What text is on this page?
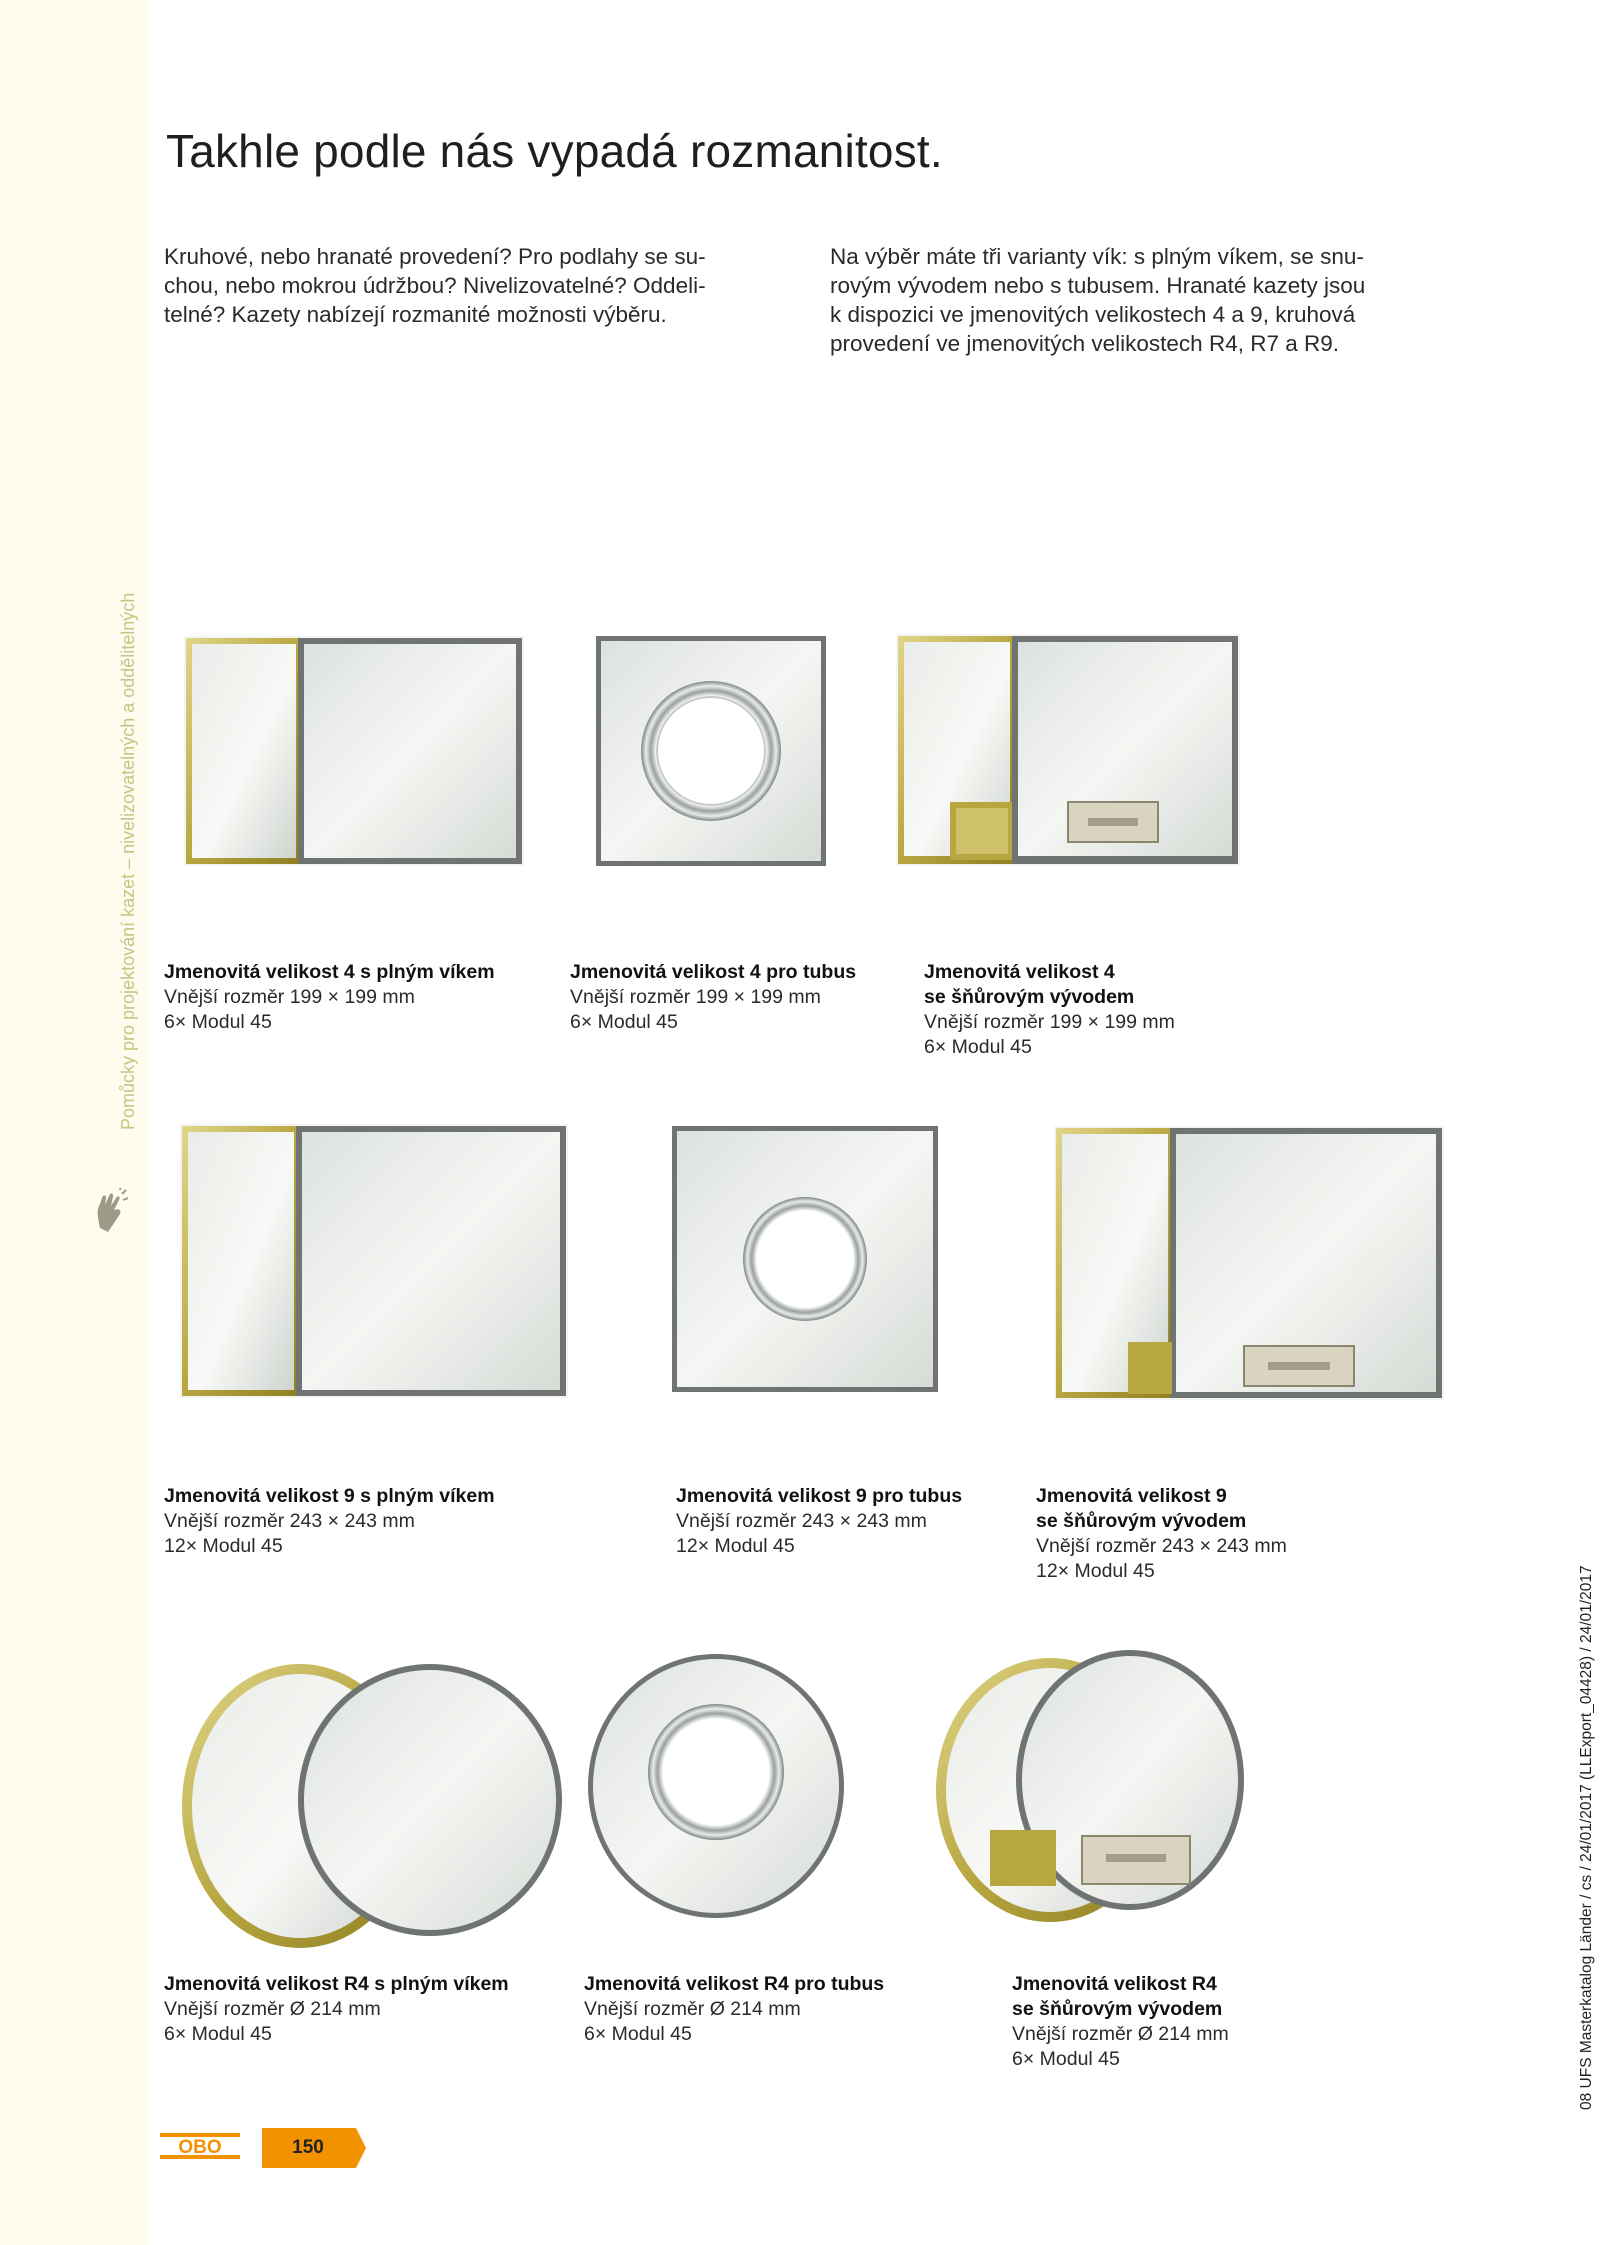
Pomůcky pro projektování kazet – nivelizovatelných a oddělitelných
Takhle podle nás vypadá rozmanitost.
Kruhové, nebo hranaté provedení? Pro podlahy se su-
chou, nebo mokrou údržbou? Nivelizovatelné? Oddeli-
telné? Kazety nabízejí rozmanité možnosti výběru.
Na výběr máte tři varianty vík: s plným víkem, se snu-
rovým vývodem nebo s tubusem. Hranaté kazety jsou
k dispozici ve jmenovitých velikostech 4 a 9, kruhová
provedení ve jmenovitých velikostech R4, R7 a R9.
Jmenovitá velikost 4 s plným víkem
Vnější rozměr 199 × 199 mm
6× Modul 45
Jmenovitá velikost 4 pro tubus
Vnější rozměr 199 × 199 mm
6× Modul 45
Jmenovitá velikost 4
se šňůrovým vývodem
Vnější rozměr 199 × 199 mm
6× Modul 45
Jmenovitá velikost 9 s plným víkem
Vnější rozměr 243 × 243 mm
12× Modul 45
Jmenovitá velikost 9 pro tubus
Vnější rozměr 243 × 243 mm
12× Modul 45
Jmenovitá velikost 9
se šňůrovým vývodem
Vnější rozměr 243 × 243 mm
12× Modul 45
Jmenovitá velikost R4 s plným víkem
Vnější rozměr Ø 214 mm
6× Modul 45
Jmenovitá velikost R4 pro tubus
Vnější rozměr Ø 214 mm
6× Modul 45
Jmenovitá velikost R4
se šňůrovým vývodem
Vnější rozměr Ø 214 mm
6× Modul 45	08 UFS Masterkatalog Länder / cs / 24/01/2017 (LLExport_04428) / 24/01/2017
OBO	150
